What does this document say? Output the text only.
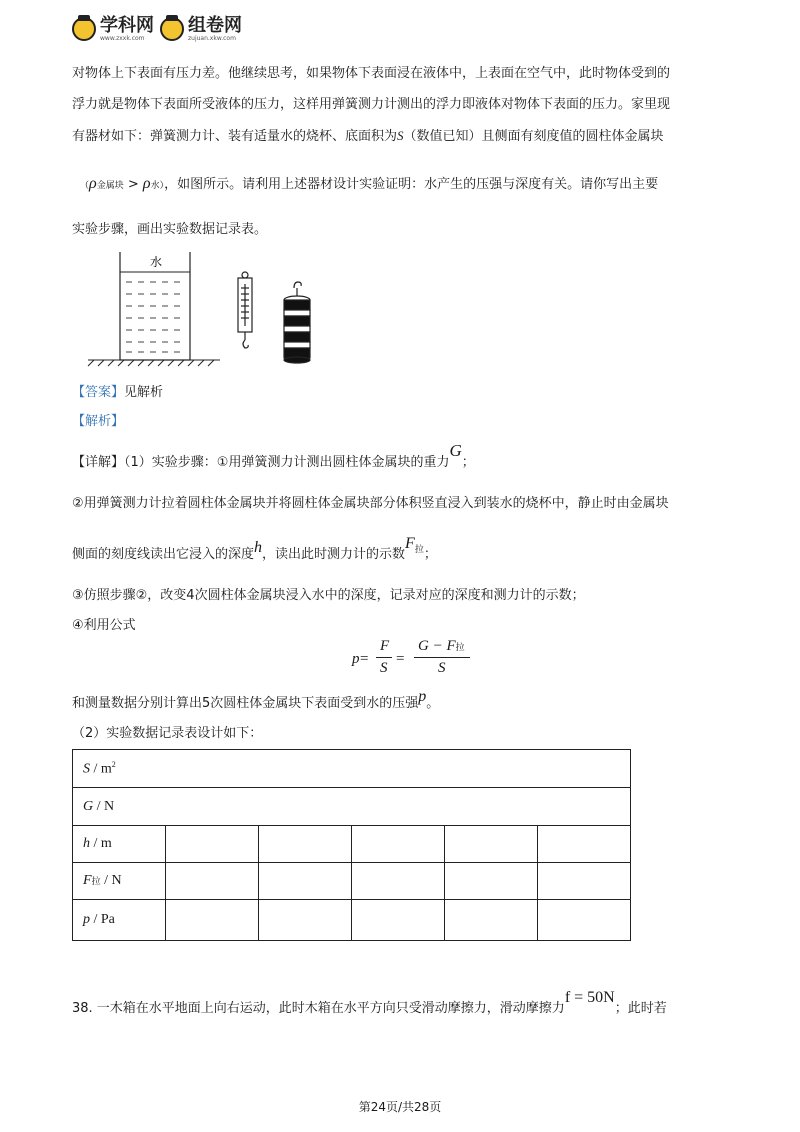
学科网
www.zxxk.com
组卷网
zujuan.xkw.com
对物体上下表面有压力差。他继续思考，如果物体下表面浸在液体中，上表面在空气中，此时物体受到的
浮力就是物体下表面所受液体的压力，这样用弹簧测力计测出的浮力即液体对物体下表面的压力。家里现
有器材如下：弹簧测力计、装有适量水的烧杯、底面积为S（数值已知）且侧面有刻度值的圆柱体金属块
（ρ金属块 > ρ水），如图所示。请利用上述器材设计实验证明：水产生的压强与深度有关。请你写出主要
实验步骤，画出实验数据记录表。
水
【答案】见解析
【解析】
【详解】（1）实验步骤：①用弹簧测力计测出圆柱体金属块的重力G；
②用弹簧测力计拉着圆柱体金属块并将圆柱体金属块部分体积竖直浸入到装水的烧杯中，静止时由金属块
侧面的刻度线读出它浸入的深度h，读出此时测力计的示数$F^拉$；
③仿照步骤②，改变4次圆柱体金属块浸入水中的深度，记录对应的深度和测力计的示数；
④利用公式
p =
F
S
=
G − F拉
S
和测量数据分别计算出5次圆柱体金属块下表面受到水的压强p。
（2）实验数据记录表设计如下：
S / $m^2$
G / N					
h / m					
F拉 / N					
p / Pa					
38. 一木箱在水平地面上向右运动，此时木箱在水平方向只受滑动摩擦力，滑动摩擦力f = 50N；此时若
第24页/共28页
